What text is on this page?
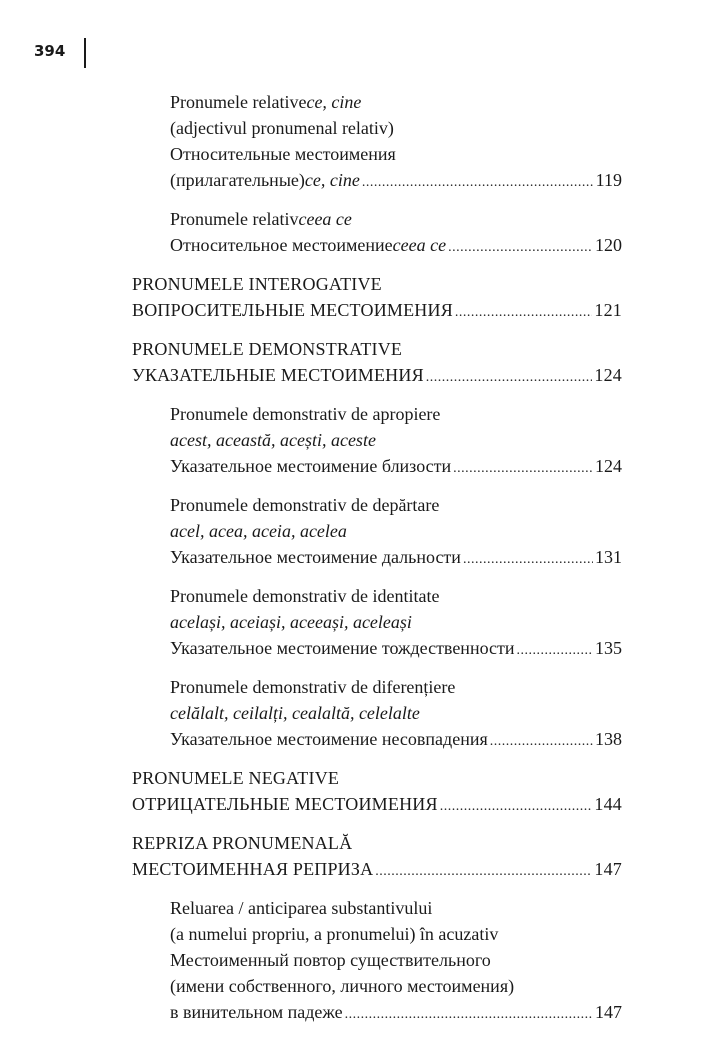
394
Pronumele relative ce, cine
(adjectivul pronumenal relativ)
Относительные местоимения
(прилагательные) ce, cine .....	119
Pronumele relativ ceea ce
Относительное местоимение ceea ce .....	120
PRONUMELE INTEROGATIVE
ВОПРОСИТЕЛЬНЫЕ МЕСТОИМЕНИЯ .....	121
PRONUMELE DEMONSTRATIVE
УКАЗАТЕЛЬНЫЕ МЕСТОИМЕНИЯ .....	124
Pronumele demonstrativ de apropiere
acest, această, acești, aceste
Указательное местоимение близости .....	124
Pronumele demonstrativ de depărtare
acel, acea, aceia, acelea
Указательное местоимение дальности .....	131
Pronumele demonstrativ de identitate
același, aceiași, aceeași, aceleași
Указательное местоимение тождественности .....	135
Pronumele demonstrativ de diferențiere
celălalt, ceilalți, cealaltă, celelalte
Указательное местоимение несовпадения .....	138
PRONUMELE NEGATIVE
ОТРИЦАТЕЛЬНЫЕ МЕСТОИМЕНИЯ .....	144
REPRIZA PRONUMENALĂ
МЕСТОИМЕННАЯ РЕПРИЗА .....	147
Reluarea / anticiparea substantivului
(a numelui propriu, a pronumelui) în acuzativ
Местоименный повтор существительного
(имени собственного, личного местоимения)
в винительном падеже .....	147
